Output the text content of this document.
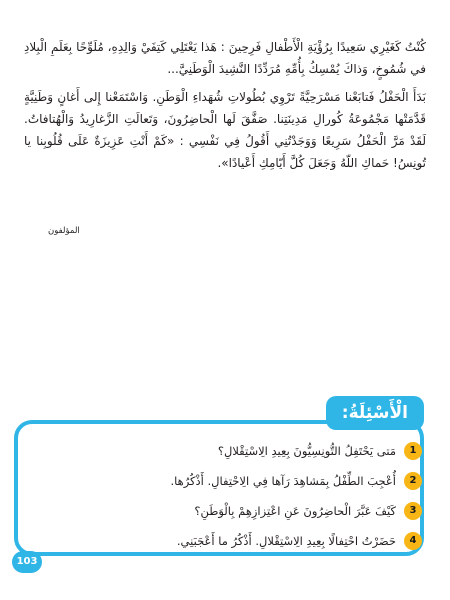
كُنْتُ كَغَيْرِي سَعِيدًا بِرُؤْيَةِ الْأَطْفالِ فَرِحِينَ : هَذا يَعْتَلِي كَتِفَيْ وَالِدِهِ، مُلَوِّحًا بِعَلَمِ الْبِلادِ في شُمُوخٍ، وَذاكَ يُمْسِكُ بِأُمِّهِ مُرَدِّدًا النَّشِيدَ الْوَطَنِيَّ...

بَدَأَ الْحَفْلُ فَتابَعْنا مَسْرَحِيَّةً تَرْوِي بُطُولاتِ شُهَداءِ الْوَطَنِ. وَاسْتَمَعْنا إِلى أَغانٍ وَطَنِيَّةٍ قَدَّمَتْها مَجْمُوعَةُ كُورالِ مَدِينَتِنا. صَفَّقَ لَها الْحاضِرُونَ، وَتَعالَتِ الزَّغارِيدُ وَالْهُتافاتُ. لَقَدْ مَرَّ الْحَفْلُ سَرِيعًا وَوَجَدْتُنِي أَقُولُ فِي نَفْسِي : «كَمْ أَنْتِ عَزِيزَةٌ عَلَى قُلُوبِنا يا تُونِسُ! حَماكِ اللّهُ وَجَعَلَ كُلَّ أَيّامِكِ أَعْيادًا».

المؤلفون
الْأَسْئِلَةُ:
1
مَتى يَحْتَفِلُ التُّونِسِيُّونَ بِعِيدِ الِاسْتِقْلالِ؟
2
أُعْجِبَ الطِّفْلُ بِمَشاهِدَ رَآها فِي الِاحْتِفالِ. أَذْكُرُها.
3
كَيْفَ عَبَّرَ الْحاضِرُونَ عَنِ اعْتِزازِهِمْ بِالْوَطَنِ؟
4
حَضَرْتُ احْتِفالًا بِعِيدِ الِاسْتِقْلالِ. أَذْكُرُ ما أَعْجَبَنِي.
103
